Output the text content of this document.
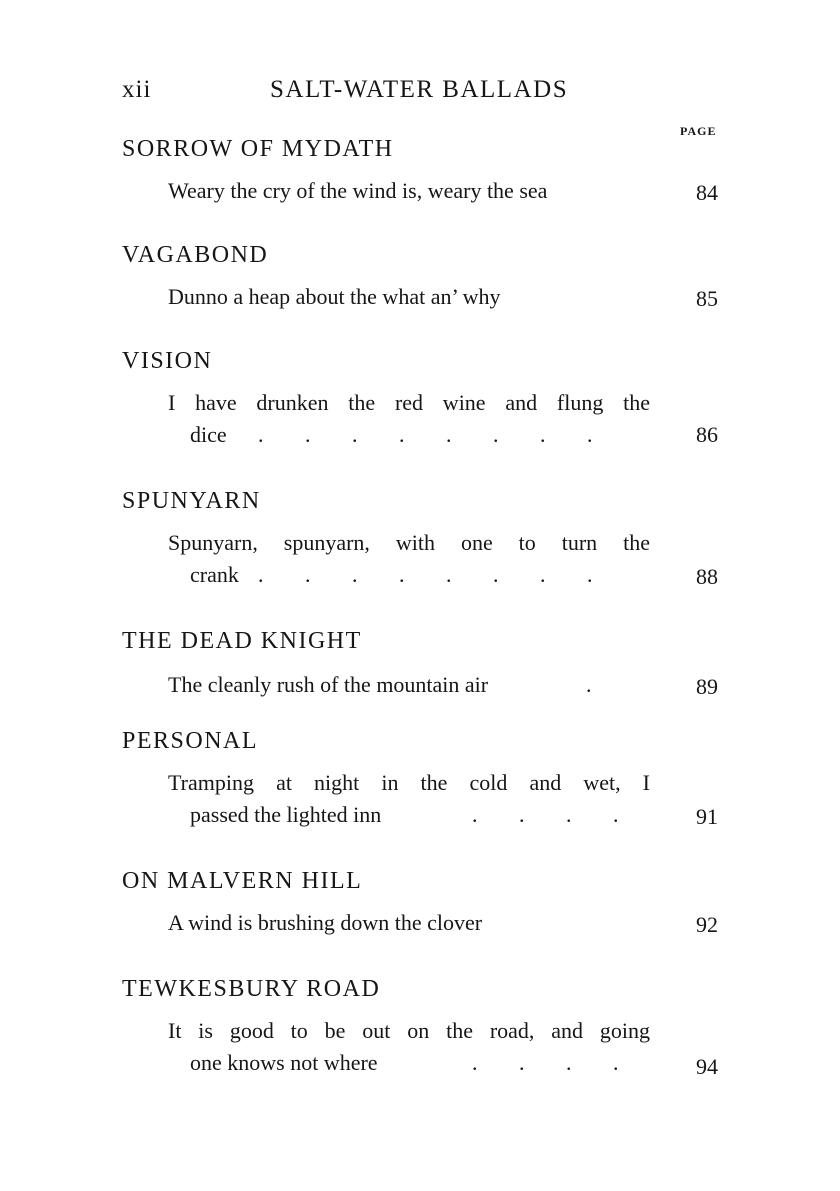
xii	SALT-WATER BALLADS
PAGE
SORROW OF MYDATH
Weary the cry of the wind is, weary the sea	84
VAGABOND
Dunno a heap about the what an’ why	85
VISION
I have drunken the red wine and flung the
dice . . . . . . . .	86
SPUNYARN
Spunyarn, spunyarn, with one to turn the
crank . . . . . . . .	88
THE DEAD KNIGHT
The cleanly rush of the mountain air	.	89
PERSONAL
Tramping at night in the cold and wet, I
passed the lighted inn	. . . .	91
ON MALVERN HILL
A wind is brushing down the clover	92
TEWKESBURY ROAD
It is good to be out on the road, and going
one knows not where	. . . .	94
